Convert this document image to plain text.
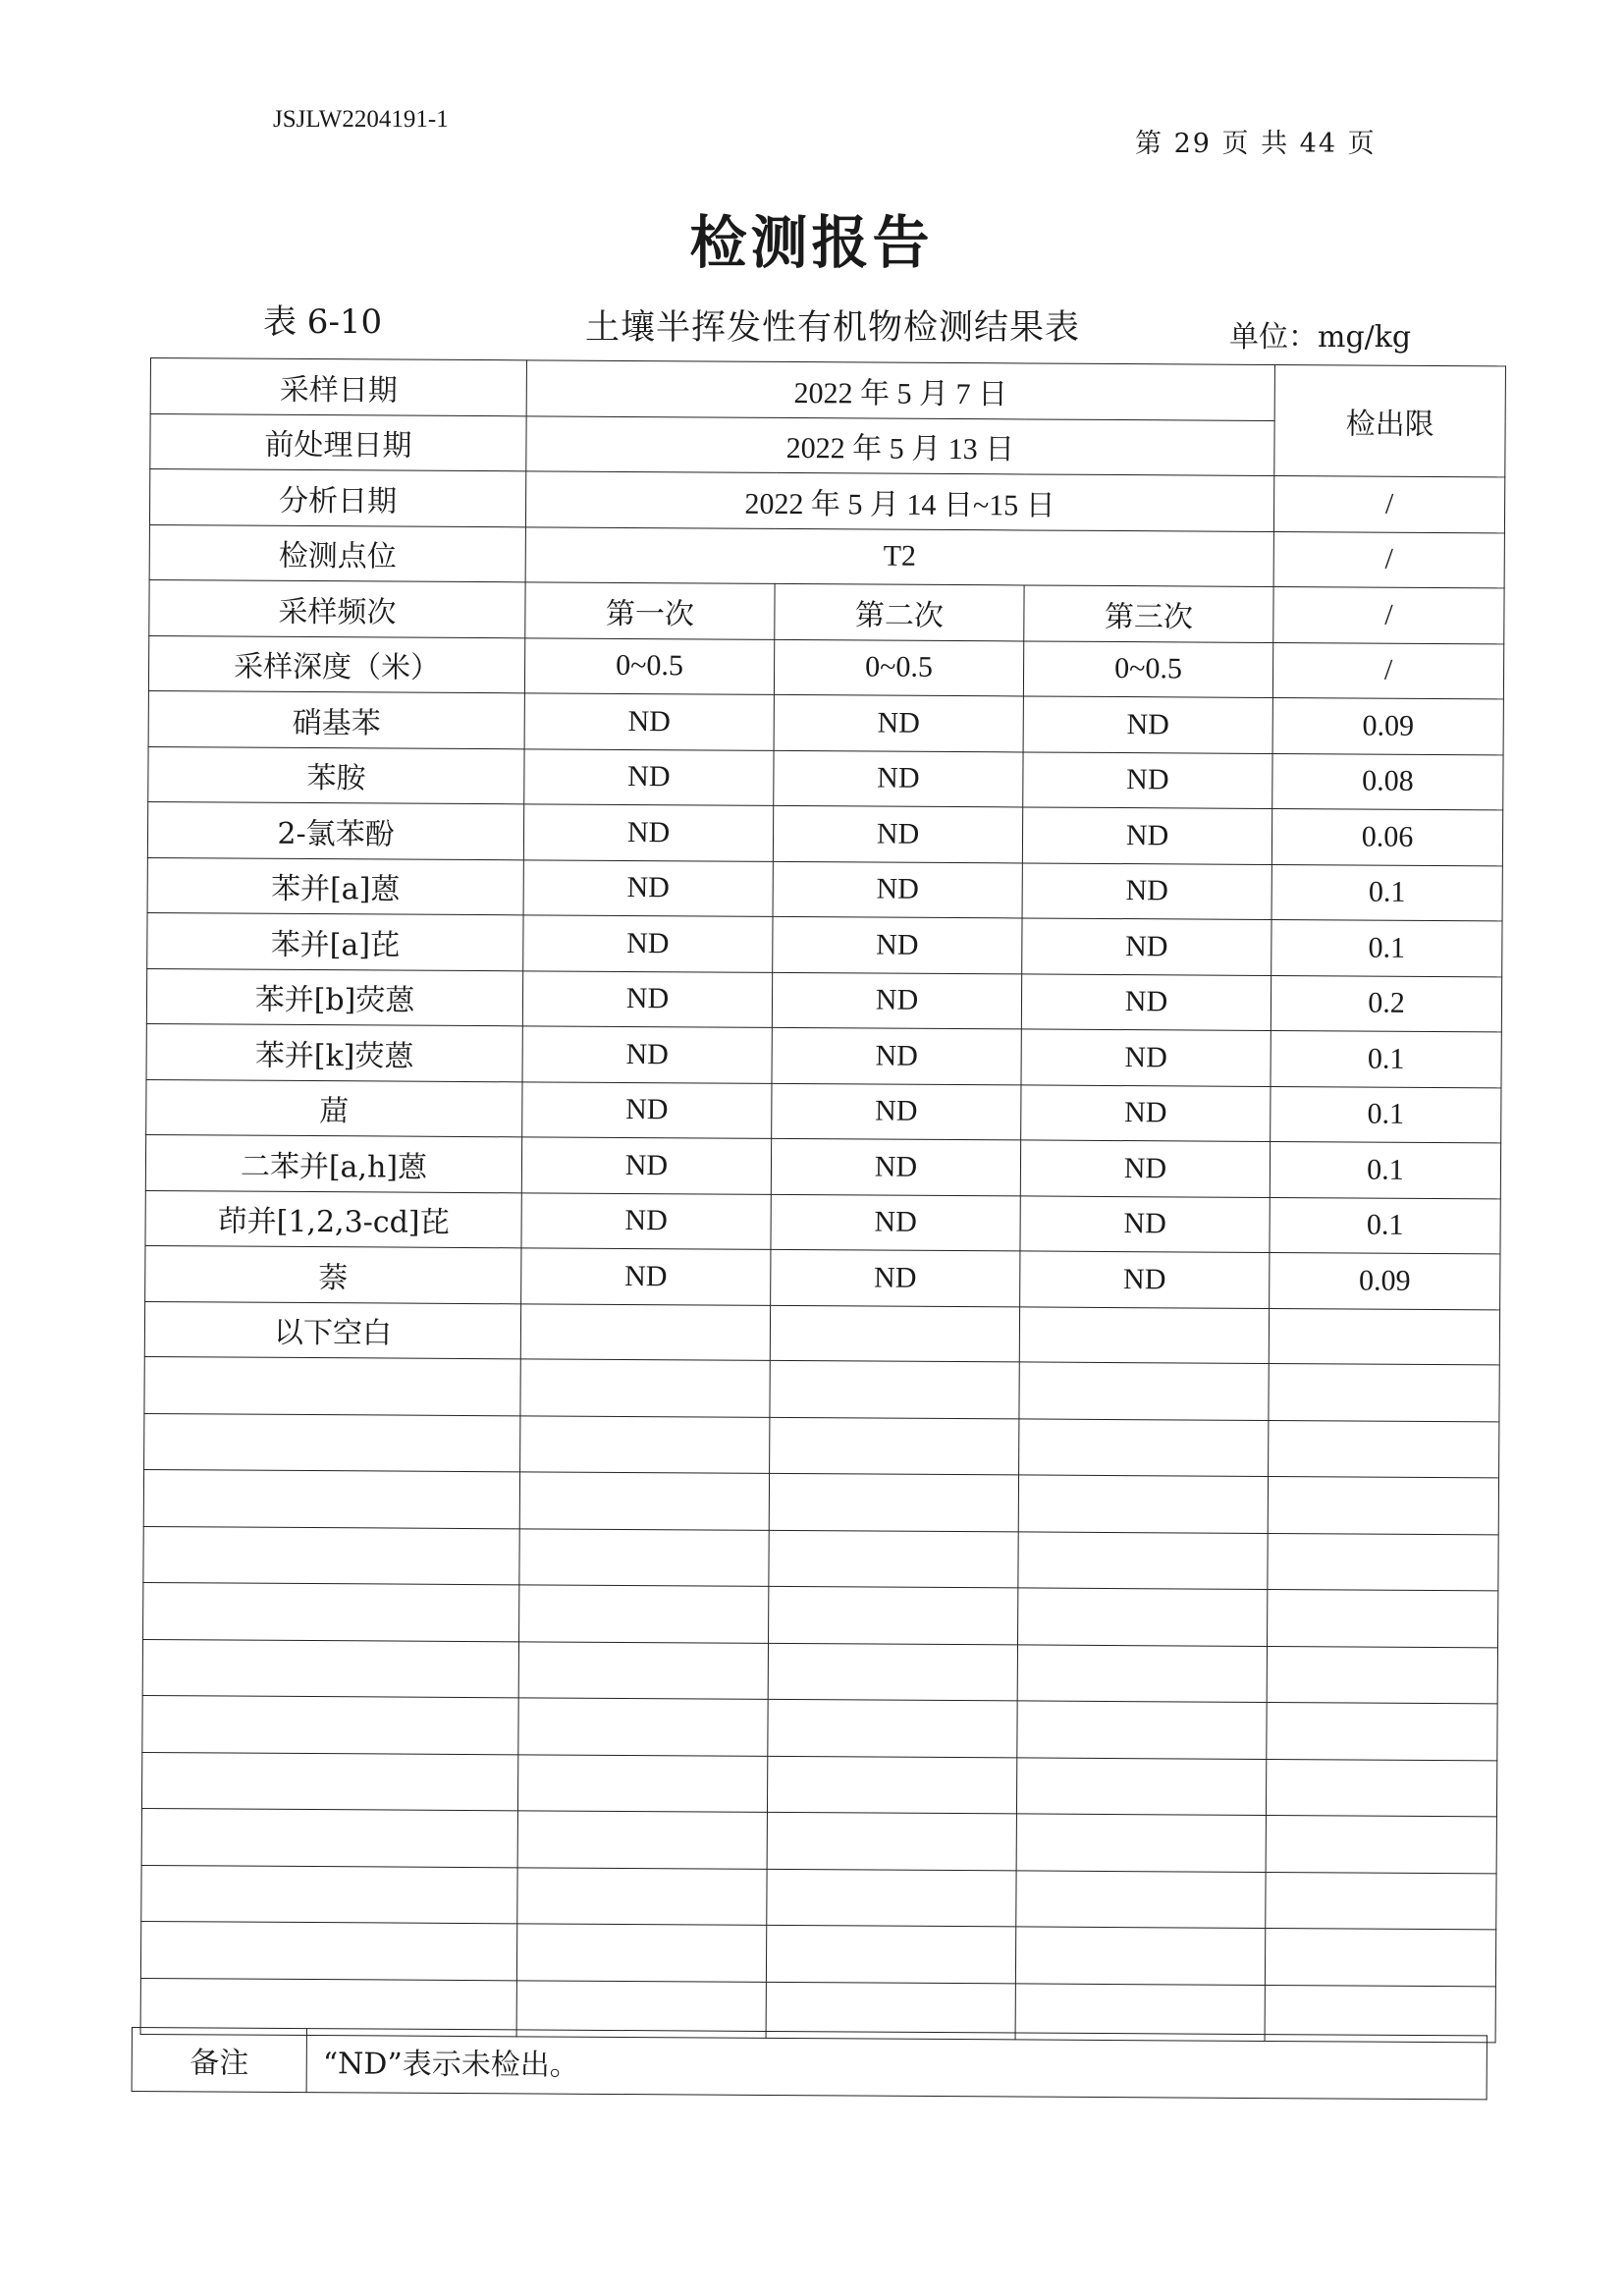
JSJLW2204191-1
第 29 页 共 44 页
检测报告
表 6-10	土壤半挥发性有机物检测结果表	单位：mg/kg
采样日期	2022 年 5 月 7 日			检出限
前处理日期	2022 年 5 月 13 日			
分析日期	2022 年 5 月 14 日~15 日			/
检测点位	T2			/
采样频次	第一次	第二次	第三次	/
采样深度（米）	0~0.5	0~0.5	0~0.5	/
硝基苯	ND	ND	ND	0.09
苯胺	ND	ND	ND	0.08
2-氯苯酚	ND	ND	ND	0.06
苯并[a]蒽	ND	ND	ND	0.1
苯并[a]芘	ND	ND	ND	0.1
苯并[b]荧蒽	ND	ND	ND	0.2
苯并[k]荧蒽	ND	ND	ND	0.1
䓛	ND	ND	ND	0.1
二苯并[a,h]蒽	ND	ND	ND	0.1
茚并[1,2,3-cd]芘	ND	ND	ND	0.1
萘	ND	ND	ND	0.09
以下空白				

备注	“ND”表示未检出。
